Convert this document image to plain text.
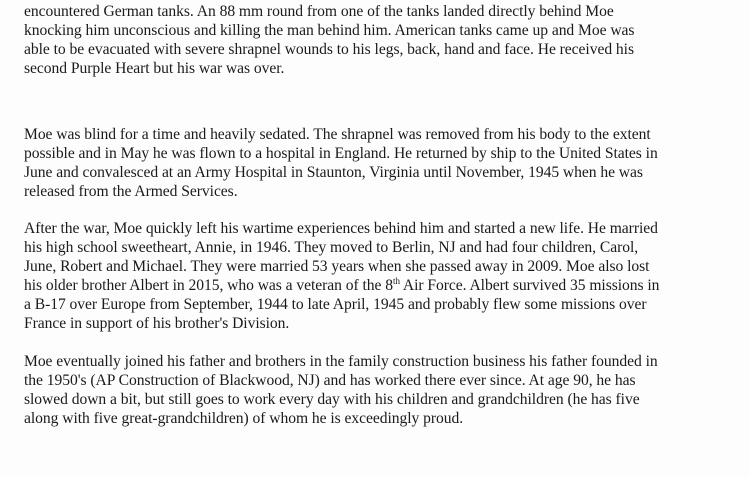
encountered German tanks. An 88 mm round from one of the tanks landed directly behind Moe
knocking him unconscious and killing the man behind him. American tanks came up and Moe was
able to be evacuated with severe shrapnel wounds to his legs, back, hand and face. He received his
second Purple Heart but his war was over.

Moe was blind for a time and heavily sedated. The shrapnel was removed from his body to the extent
possible and in May he was flown to a hospital in England. He returned by ship to the United States in
June and convalesced at an Army Hospital in Staunton, Virginia until November, 1945 when he was
released from the Armed Services.

After the war, Moe quickly left his wartime experiences behind him and started a new life. He married
his high school sweetheart, Annie, in 1946. They moved to Berlin, NJ and had four children, Carol,
June, Robert and Michael. They were married 53 years when she passed away in 2009. Moe also lost
his older brother Albert in 2015, who was a veteran of the 8th Air Force. Albert survived 35 missions in
a B-17 over Europe from September, 1944 to late April, 1945 and probably flew some missions over
France in support of his brother's Division.

Moe eventually joined his father and brothers in the family construction business his father founded in
the 1950's (AP Construction of Blackwood, NJ) and has worked there ever since. At age 90, he has
slowed down a bit, but still goes to work every day with his children and grandchildren (he has five
along with five great-grandchildren) of whom he is exceedingly proud.
